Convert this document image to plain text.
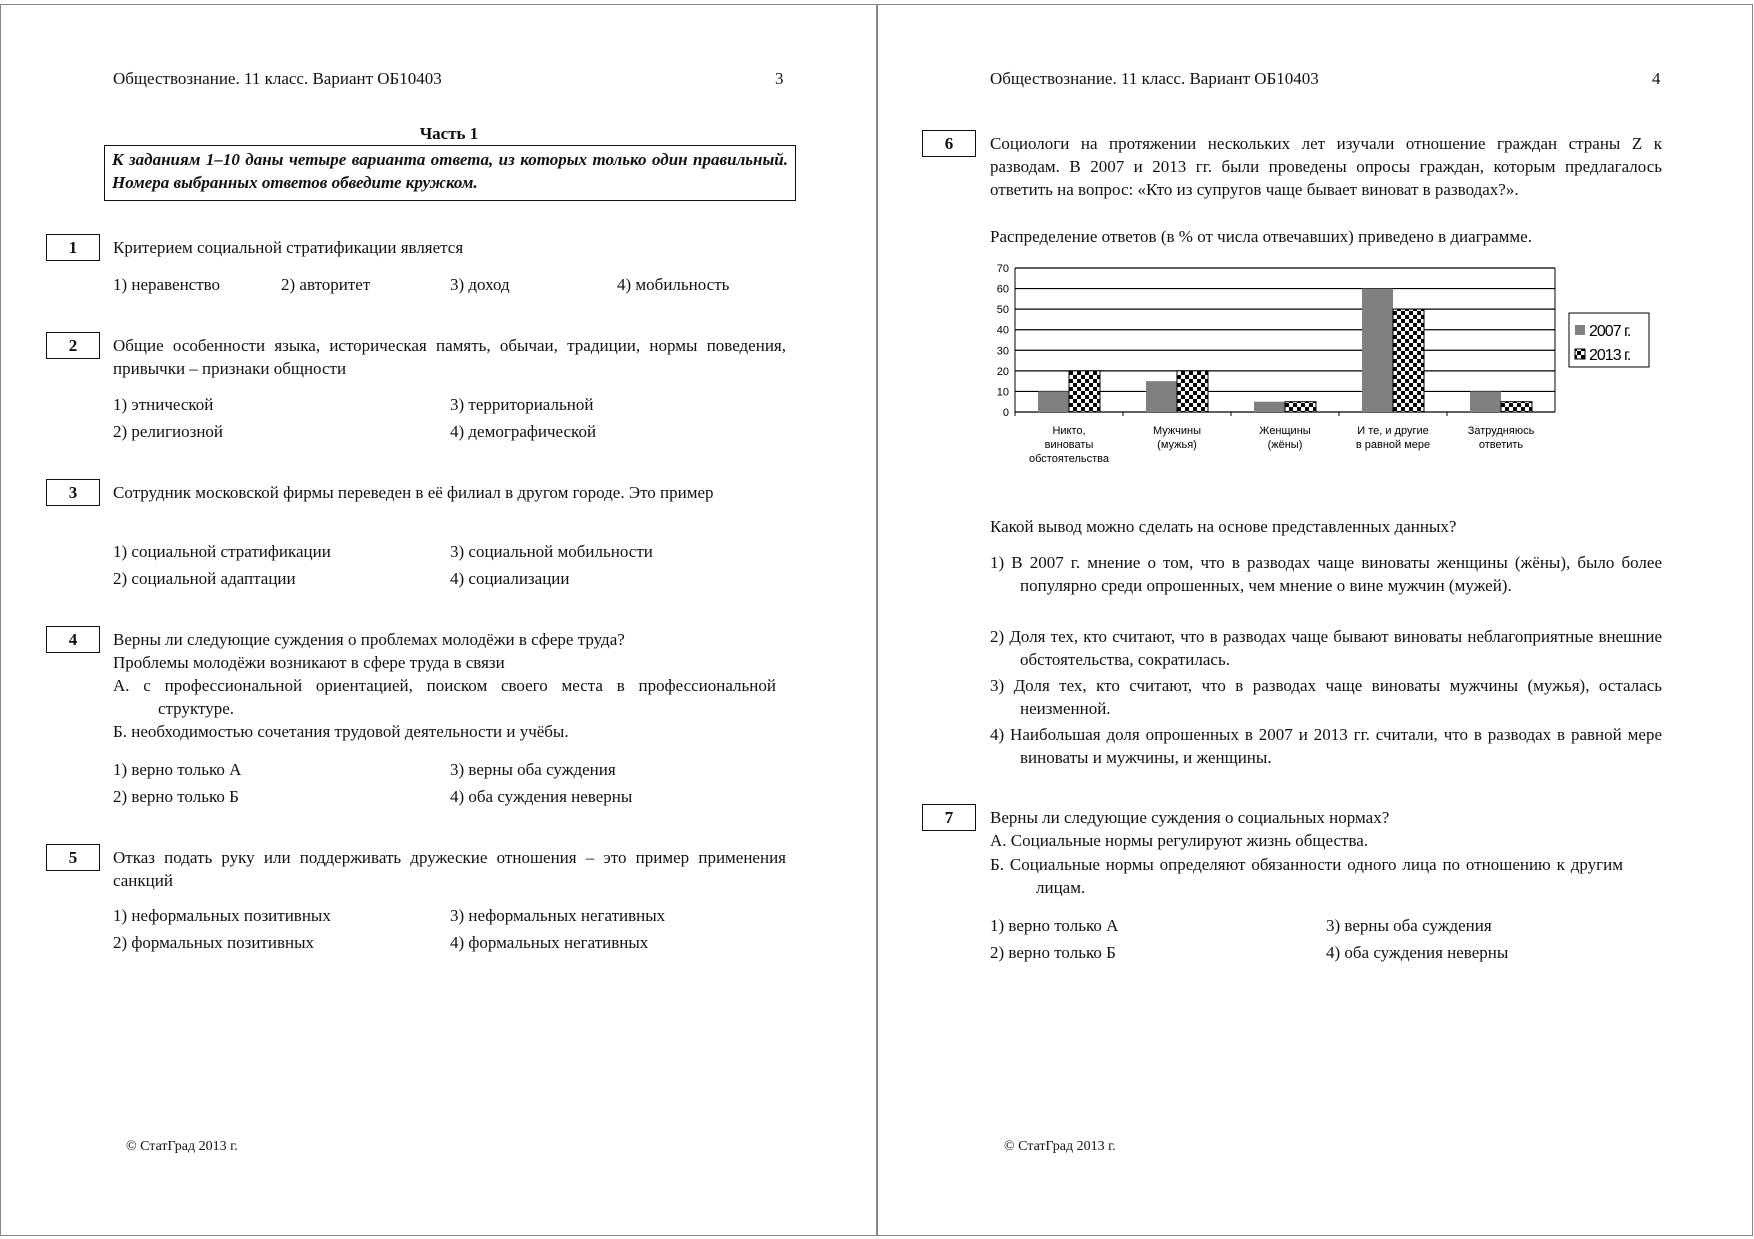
Обществознание. 11 класс. Вариант ОБ10403	3
Часть 1
К заданиям 1–10 даны четыре варианта ответа, из которых только один правильный. Номера выбранных ответов обведите кружком.
1	Критерием социальной стратификации является
1) неравенство	2) авторитет	3) доход	4) мобильность
2	Общие особенности языка, историческая память, обычаи, традиции, нормы поведения, привычки – признаки общности
1) этнической	3) территориальной
2) религиозной	4) демографической
3	Сотрудник московской фирмы переведен в её филиал в другом городе. Это пример
1) социальной стратификации	3) социальной мобильности
2) социальной адаптации	4) социализации
4	Верны ли следующие суждения о проблемах молодёжи в сфере труда?
Проблемы молодёжи возникают в сфере труда в связи
А. с профессиональной ориентацией, поиском своего места в профессиональной структуре.
Б. необходимостью сочетания трудовой деятельности и учёбы.
1) верно только А	3) верны оба суждения
2) верно только Б	4) оба суждения неверны
5	Отказ подать руку или поддерживать дружеские отношения – это пример применения санкций
1) неформальных позитивных	3) неформальных негативных
2) формальных позитивных	4) формальных негативных
© СтатГрад 2013 г.
Обществознание. 11 класс. Вариант ОБ10403	4
6	Социологи на протяжении нескольких лет изучали отношение граждан страны Z к разводам. В 2007 и 2013 гг. были проведены опросы граждан, которым предлагалось ответить на вопрос: «Кто из супругов чаще бывает виноват в разводах?».
Распределение ответов (в % от числа отвечавших) приведено в диаграмме.
0
10
20
30
40
50
60
70
Никто,
виноваты
обстоятельства
Мужчины
(мужья)
Женщины
(жёны)
И те, и другие
в равной мере
Затрудняюсь
ответить
2007 г.
2013 г.
Какой вывод можно сделать на основе представленных данных?
1) В 2007 г. мнение о том, что в разводах чаще виноваты женщины (жёны), было более популярно среди опрошенных, чем мнение о вине мужчин (мужей).
2) Доля тех, кто считают, что в разводах чаще бывают виноваты неблагоприятные внешние обстоятельства, сократилась.
3) Доля тех, кто считают, что в разводах чаще виноваты мужчины (мужья), осталась неизменной.
4) Наибольшая доля опрошенных в 2007 и 2013 гг. считали, что в разводах в равной мере виноваты и мужчины, и женщины.
7	Верны ли следующие суждения о социальных нормах?
А. Социальные нормы регулируют жизнь общества.
Б. Социальные нормы определяют обязанности одного лица по отношению к другим лицам.
1) верно только А	3) верны оба суждения
2) верно только Б	4) оба суждения неверны
© СтатГрад 2013 г.
